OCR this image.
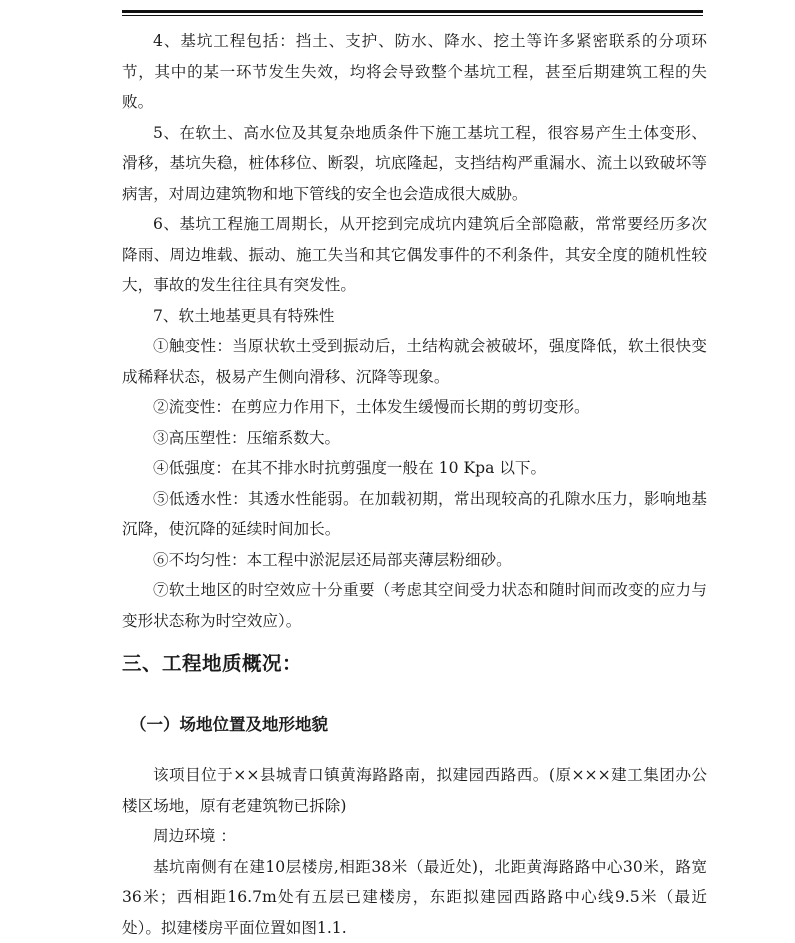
4、基坑工程包括：挡土、支护、防水、降水、挖土等许多紧密联系的分项环节，其中的某一环节发生失效，均将会导致整个基坑工程，甚至后期建筑工程的失败。

5、在软土、高水位及其复杂地质条件下施工基坑工程，很容易产生土体变形、滑移，基坑失稳，桩体移位、断裂，坑底隆起，支挡结构严重漏水、流土以致破坏等病害，对周边建筑物和地下管线的安全也会造成很大威胁。

6、基坑工程施工周期长，从开挖到完成坑内建筑后全部隐蔽，常常要经历多次降雨、周边堆载、振动、施工失当和其它偶发事件的不利条件，其安全度的随机性较大，事故的发生往往具有突发性。

7、软土地基更具有特殊性

①触变性：当原状软土受到振动后，土结构就会被破坏，强度降低，软土很快变成稀释状态，极易产生侧向滑移、沉降等现象。

②流变性：在剪应力作用下，土体发生缓慢而长期的剪切变形。

③高压塑性：压缩系数大。

④低强度：在其不排水时抗剪强度一般在 10 Kpa 以下。

⑤低透水性：其透水性能弱。在加载初期，常出现较高的孔隙水压力，影响地基沉降，使沉降的延续时间加长。

⑥不均匀性：本工程中淤泥层还局部夹薄层粉细砂。

⑦软土地区的时空效应十分重要（考虑其空间受力状态和随时间而改变的应力与变形状态称为时空效应）。

三、工程地质概况：
（一）场地位置及地形地貌

该项目位于××县城青口镇黄海路路南，拟建园西路西。(原×××建工集团办公楼区场地，原有老建筑物已拆除)

周边环境 ：

基坑南侧有在建10层楼房,相距38米（最近处)，北距黄海路路中心30米，路宽36米；西相距16.7m处有五层已建楼房，东距拟建园西路路中心线9.5米（最近处）。拟建楼房平面位置如图1.1.
